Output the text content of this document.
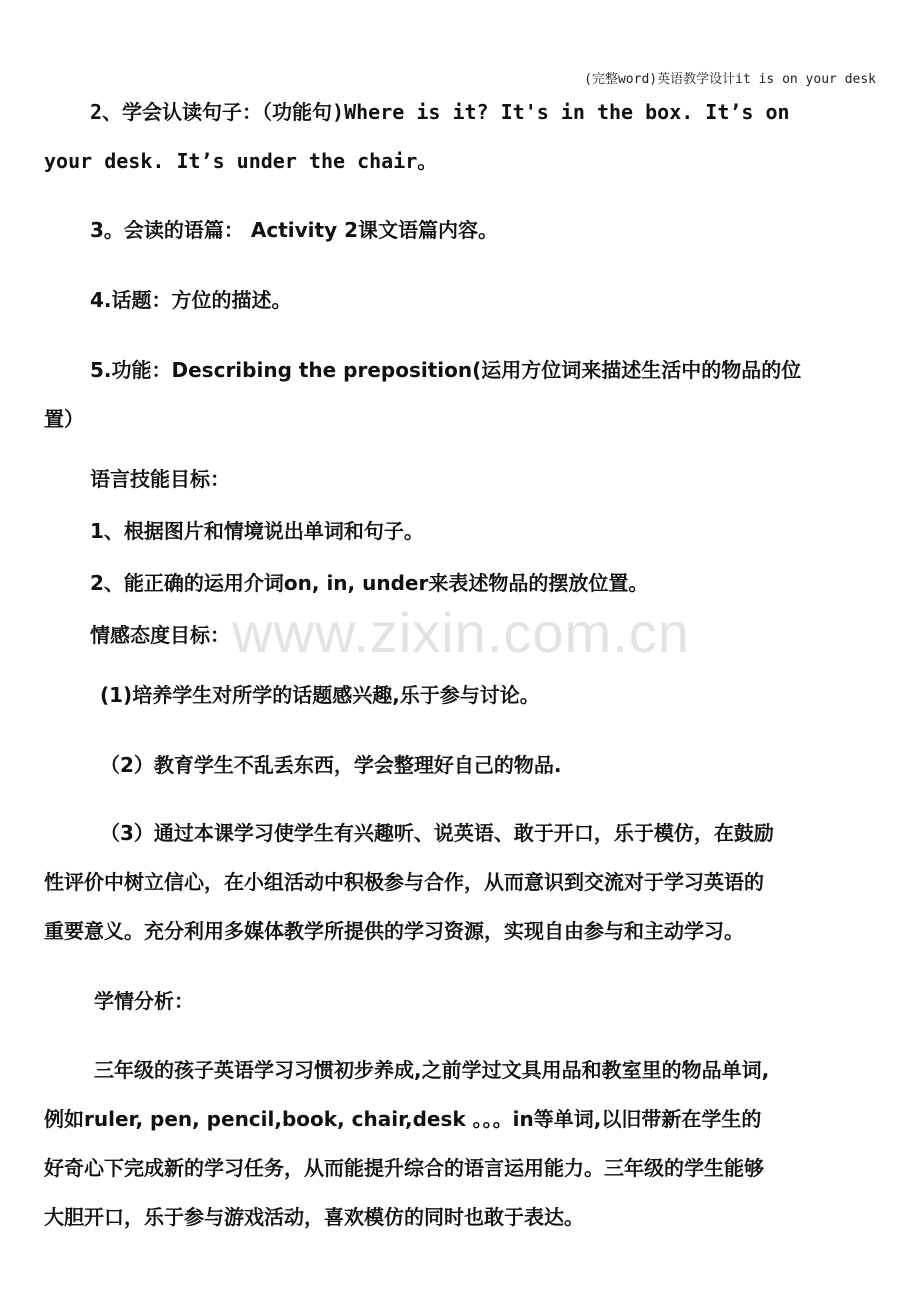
(完整word)英语教学设计it is on your desk
www.zixin.com.cn
2、学会认读句子：（功能句)Where is it? It's in the box. It’s on
your desk. It’s under the chair。
3。会读的语篇： Activity 2课文语篇内容。
4.话题：方位的描述。
5.功能：Describing the preposition(运用方位词来描述生活中的物品的位
置）
语言技能目标：
1、根据图片和情境说出单词和句子。
2、能正确的运用介词on, in, under来表述物品的摆放位置。
情感态度目标：
(1)培养学生对所学的话题感兴趣,乐于参与讨论。
（2）教育学生不乱丢东西，学会整理好自己的物品.
（3）通过本课学习使学生有兴趣听、说英语、敢于开口，乐于模仿，在鼓励
性评价中树立信心，在小组活动中积极参与合作，从而意识到交流对于学习英语的
重要意义。充分利用多媒体教学所提供的学习资源，实现自由参与和主动学习。
学情分析：
三年级的孩子英语学习习惯初步养成,之前学过文具用品和教室里的物品单词,
例如ruler, pen, pencil,book, chair,desk 。。。in等单词,以旧带新在学生的
好奇心下完成新的学习任务，从而能提升综合的语言运用能力。三年级的学生能够
大胆开口，乐于参与游戏活动，喜欢模仿的同时也敢于表达。
